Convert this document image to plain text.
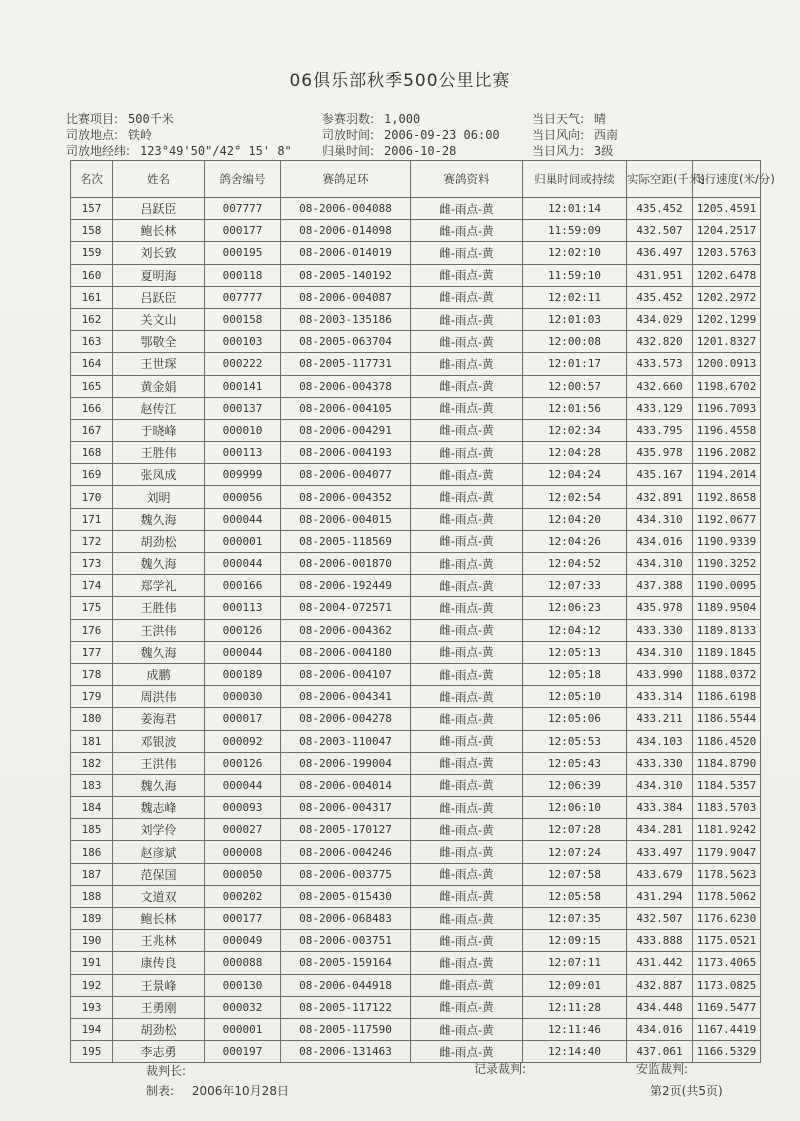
06俱乐部秋季500公里比赛
比赛项目: 500千米
司放地点: 铁岭
司放地经纬: 123°49'50"/42° 15' 8"
参赛羽数: 1,000
司放时间: 2006-09-23 06:00
归巢时间: 2006-10-28
当日天气: 晴
当日风向: 西南
当日风力: 3级
名次	姓名	鸽舍编号	赛鸽足环	赛鸽资料	归巢时间或持续	实际空距(千米)	飞行速度(米/分)
157	吕跃臣	007777	08-2006-004088	雌-雨点-黄	12:01:14	435.452	1205.4591
158	鲍长林	000177	08-2006-014098	雌-雨点-黄	11:59:09	432.507	1204.2517
159	刘长致	000195	08-2006-014019	雌-雨点-黄	12:02:10	436.497	1203.5763
160	夏明海	000118	08-2005-140192	雌-雨点-黄	11:59:10	431.951	1202.6478
161	吕跃臣	007777	08-2006-004087	雌-雨点-黄	12:02:11	435.452	1202.2972
162	关文山	000158	08-2003-135186	雌-雨点-黄	12:01:03	434.029	1202.1299
163	鄂敬全	000103	08-2005-063704	雌-雨点-黄	12:00:08	432.820	1201.8327
164	王世琛	000222	08-2005-117731	雌-雨点-黄	12:01:17	433.573	1200.0913
165	黄金娟	000141	08-2006-004378	雌-雨点-黄	12:00:57	432.660	1198.6702
166	赵传江	000137	08-2006-004105	雌-雨点-黄	12:01:56	433.129	1196.7093
167	于晓峰	000010	08-2006-004291	雌-雨点-黄	12:02:34	433.795	1196.4558
168	王胜伟	000113	08-2006-004193	雌-雨点-黄	12:04:28	435.978	1196.2082
169	张凤成	009999	08-2006-004077	雌-雨点-黄	12:04:24	435.167	1194.2014
170	刘明	000056	08-2006-004352	雌-雨点-黄	12:02:54	432.891	1192.8658
171	魏久海	000044	08-2006-004015	雌-雨点-黄	12:04:20	434.310	1192.0677
172	胡劲松	000001	08-2005-118569	雌-雨点-黄	12:04:26	434.016	1190.9339
173	魏久海	000044	08-2006-001870	雌-雨点-黄	12:04:52	434.310	1190.3252
174	郑学礼	000166	08-2006-192449	雌-雨点-黄	12:07:33	437.388	1190.0095
175	王胜伟	000113	08-2004-072571	雌-雨点-黄	12:06:23	435.978	1189.9504
176	王洪伟	000126	08-2006-004362	雌-雨点-黄	12:04:12	433.330	1189.8133
177	魏久海	000044	08-2006-004180	雌-雨点-黄	12:05:13	434.310	1189.1845
178	成鹏	000189	08-2006-004107	雌-雨点-黄	12:05:18	433.990	1188.0372
179	周洪伟	000030	08-2006-004341	雌-雨点-黄	12:05:10	433.314	1186.6198
180	姜海君	000017	08-2006-004278	雌-雨点-黄	12:05:06	433.211	1186.5544
181	邓银波	000092	08-2003-110047	雌-雨点-黄	12:05:53	434.103	1186.4520
182	王洪伟	000126	08-2006-199004	雌-雨点-黄	12:05:43	433.330	1184.8790
183	魏久海	000044	08-2006-004014	雌-雨点-黄	12:06:39	434.310	1184.5357
184	魏志峰	000093	08-2006-004317	雌-雨点-黄	12:06:10	433.384	1183.5703
185	刘学伶	000027	08-2005-170127	雌-雨点-黄	12:07:28	434.281	1181.9242
186	赵彦斌	000008	08-2006-004246	雌-雨点-黄	12:07:24	433.497	1179.9047
187	范保国	000050	08-2006-003775	雌-雨点-黄	12:07:58	433.679	1178.5623
188	文道双	000202	08-2005-015430	雌-雨点-黄	12:05:58	431.294	1178.5062
189	鲍长林	000177	08-2006-068483	雌-雨点-黄	12:07:35	432.507	1176.6230
190	王兆林	000049	08-2006-003751	雌-雨点-黄	12:09:15	433.888	1175.0521
191	康传良	000088	08-2005-159164	雌-雨点-黄	12:07:11	431.442	1173.4065
192	王景峰	000130	08-2006-044918	雌-雨点-黄	12:09:01	432.887	1173.0825
193	王勇刚	000032	08-2005-117122	雌-雨点-黄	12:11:28	434.448	1169.5477
194	胡劲松	000001	08-2005-117590	雌-雨点-黄	12:11:46	434.016	1167.4419
195	李志勇	000197	08-2006-131463	雌-雨点-黄	12:14:40	437.061	1166.5329
裁判长:	记录裁判:	安监裁判:
制表: 2006年10月28日	第2页(共5页)
